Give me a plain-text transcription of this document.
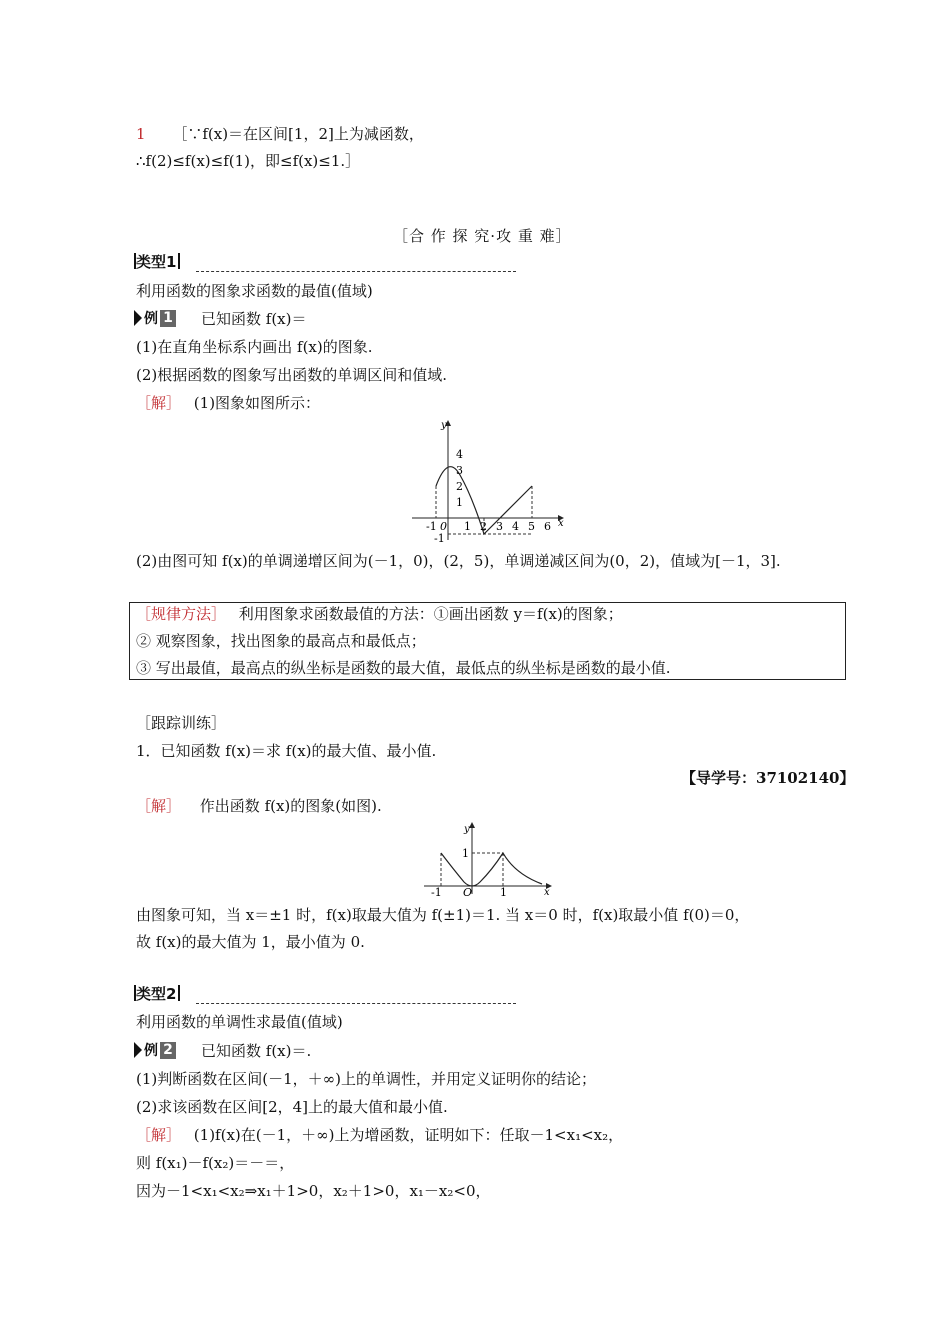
1 ［∵f(x)＝在区间[1，2]上为减函数，
∴f(2)≤f(x)≤f(1)，即≤f(x)≤1.］
［合 作 探 究·攻 重 难］
类型1
利用函数的图象求函数的最值(值域)
例 1 已知函数 f(x)＝
(1)在直角坐标系内画出 f(x)的图象.
(2)根据函数的图象写出函数的单调区间和值域.
［解］ (1)图象如图所示：
y
x
4
3
2
1
-1
-1 0 1 2 3 4 5 6
(2)由图可知 f(x)的单调递增区间为(－1，0)，(2，5)，单调递减区间为(0，2)，值域为[－1，3].
［规律方法］ 利用图象求函数最值的方法：①画出函数 y＝f(x)的图象；
② 观察图象，找出图象的最高点和最低点；
③ 写出最值，最高点的纵坐标是函数的最大值，最低点的纵坐标是函数的最小值.
［跟踪训练］
1．已知函数 f(x)＝求 f(x)的最大值、最小值.
【导学号：37102140】
［解］ 作出函数 f(x)的图象(如图).
y
x
1
-1 O	1
由图象可知，当 x＝±1 时，f(x)取最大值为 f(±1)＝1. 当 x＝0 时，f(x)取最小值 f(0)＝0，
故 f(x)的最大值为 1，最小值为 0.
类型2
利用函数的单调性求最值(值域)
例 2 已知函数 f(x)＝.
(1)判断函数在区间(－1，＋∞)上的单调性，并用定义证明你的结论；
(2)求该函数在区间[2，4]上的最大值和最小值.
［解］ (1)f(x)在(－1，＋∞)上为增函数，证明如下：任取－1<x₁<x₂，
则 f(x₁)－f(x₂)＝－＝，
因为－1<x₁<x₂⇒x₁＋1>0，x₂＋1>0，x₁－x₂<0，
